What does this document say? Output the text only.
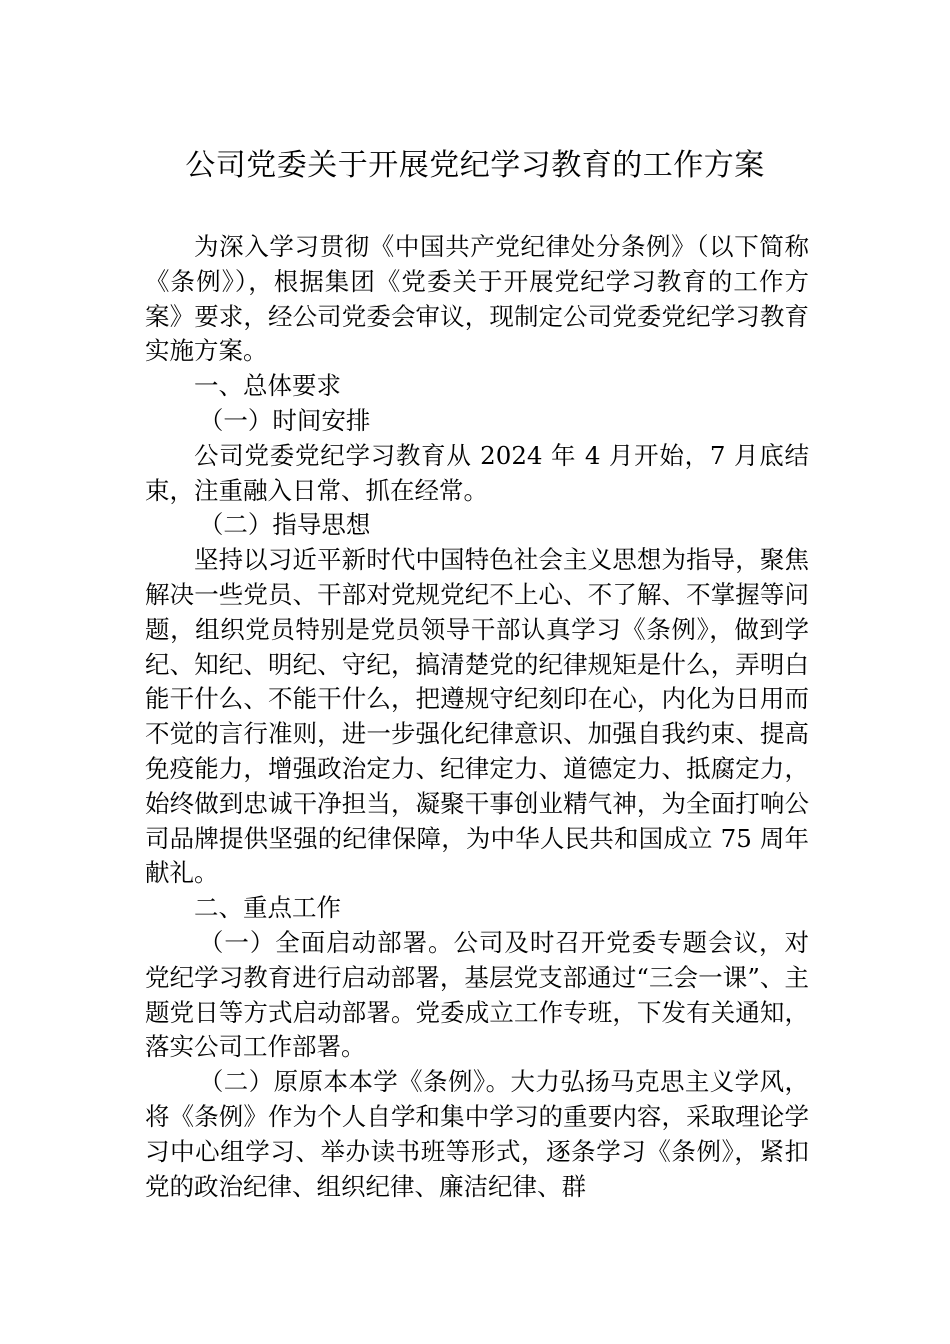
公司党委关于开展党纪学习教育的工作方案

为深入学习贯彻《中国共产党纪律处分条例》（以下简称《条例》），根据集团《党委关于开展党纪学习教育的工作方案》要求，经公司党委会审议，现制定公司党委党纪学习教育实施方案。

一、总体要求

（一）时间安排

公司党委党纪学习教育从 2024 年 4 月开始，7 月底结束，注重融入日常、抓在经常。

（二）指导思想

坚持以习近平新时代中国特色社会主义思想为指导，聚焦解决一些党员、干部对党规党纪不上心、不了解、不掌握等问题，组织党员特别是党员领导干部认真学习《条例》，做到学纪、知纪、明纪、守纪，搞清楚党的纪律规矩是什么，弄明白能干什么、不能干什么，把遵规守纪刻印在心，内化为日用而不觉的言行准则，进一步强化纪律意识、加强自我约束、提高免疫能力，增强政治定力、纪律定力、道德定力、抵腐定力，始终做到忠诚干净担当，凝聚干事创业精气神，为全面打响公司品牌提供坚强的纪律保障，为中华人民共和国成立 75 周年献礼。

二、重点工作

（一）全面启动部署。公司及时召开党委专题会议，对党纪学习教育进行启动部署，基层党支部通过“三会一课”、主题党日等方式启动部署。党委成立工作专班，下发有关通知，落实公司工作部署。

（二）原原本本学《条例》。大力弘扬马克思主义学风，将《条例》作为个人自学和集中学习的重要内容，采取理论学习中心组学习、举办读书班等形式，逐条学习《条例》，紧扣党的政治纪律、组织纪律、廉洁纪律、群
